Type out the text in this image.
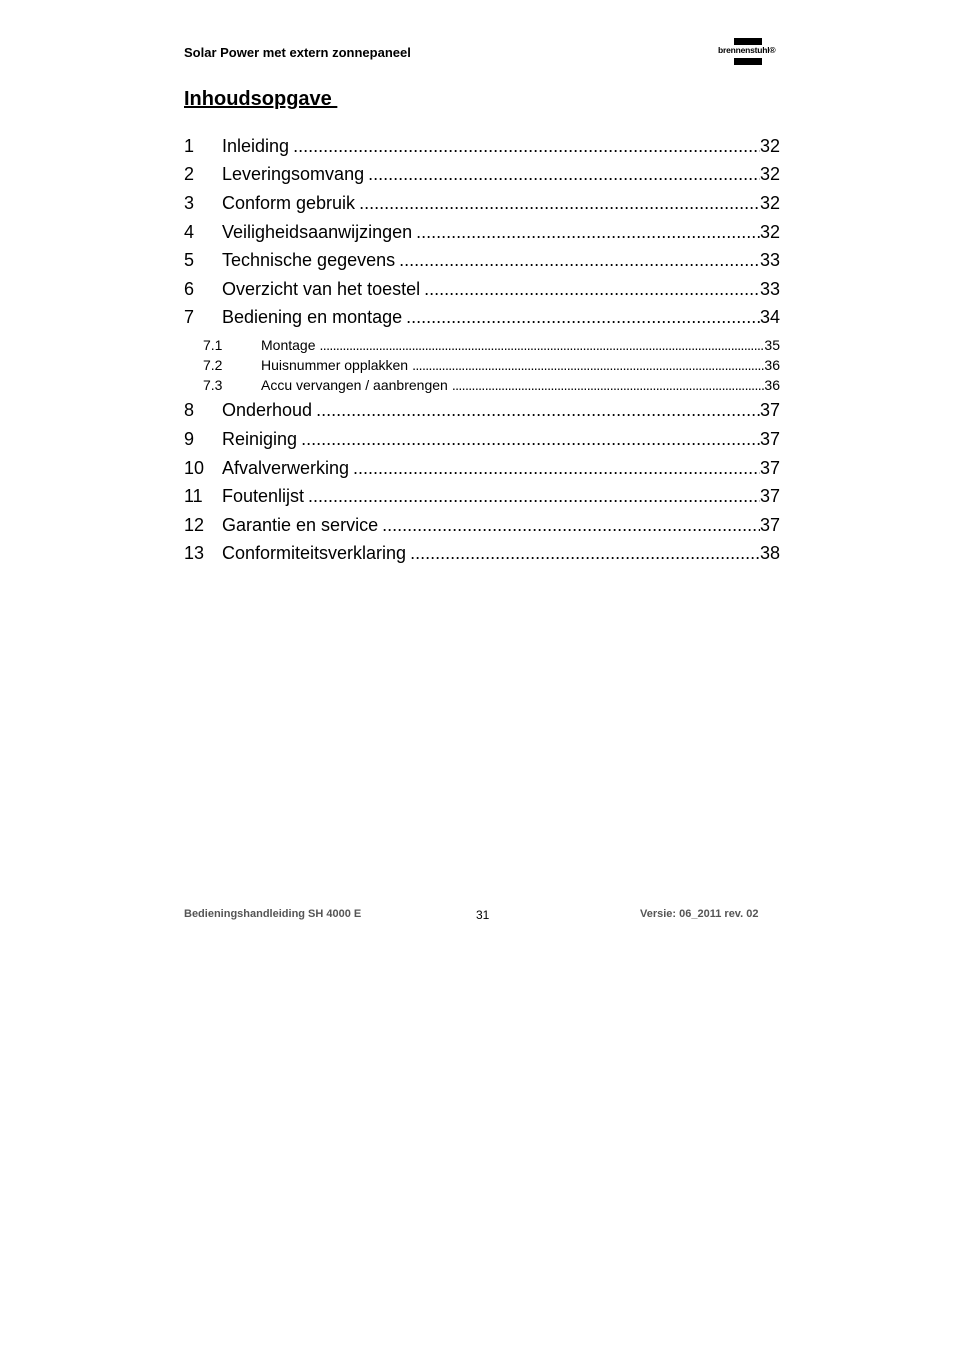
Solar Power met extern zonnepaneel	brennenstuhl®
Inhoudsopgave
1	Inleiding .....	32
2	Leveringsomvang .....	32
3	Conform gebruik .....	32
4	Veiligheidsaanwijzingen .....	32
5	Technische gegevens .....	33
6	Overzicht van het toestel .....	33
7	Bediening en montage .....	34
7.1	Montage .....	35
7.2	Huisnummer opplakken .....	36
7.3	Accu vervangen / aanbrengen .....	36
8	Onderhoud .....	37
9	Reiniging .....	37
10 Afvalverwerking .....	37
11	Foutenlijst .....	37
12 Garantie en service .....	37
13 Conformiteitsverklaring .....	38
Bedieningshandleiding SH 4000 E	31	Versie: 06_2011 rev. 02
